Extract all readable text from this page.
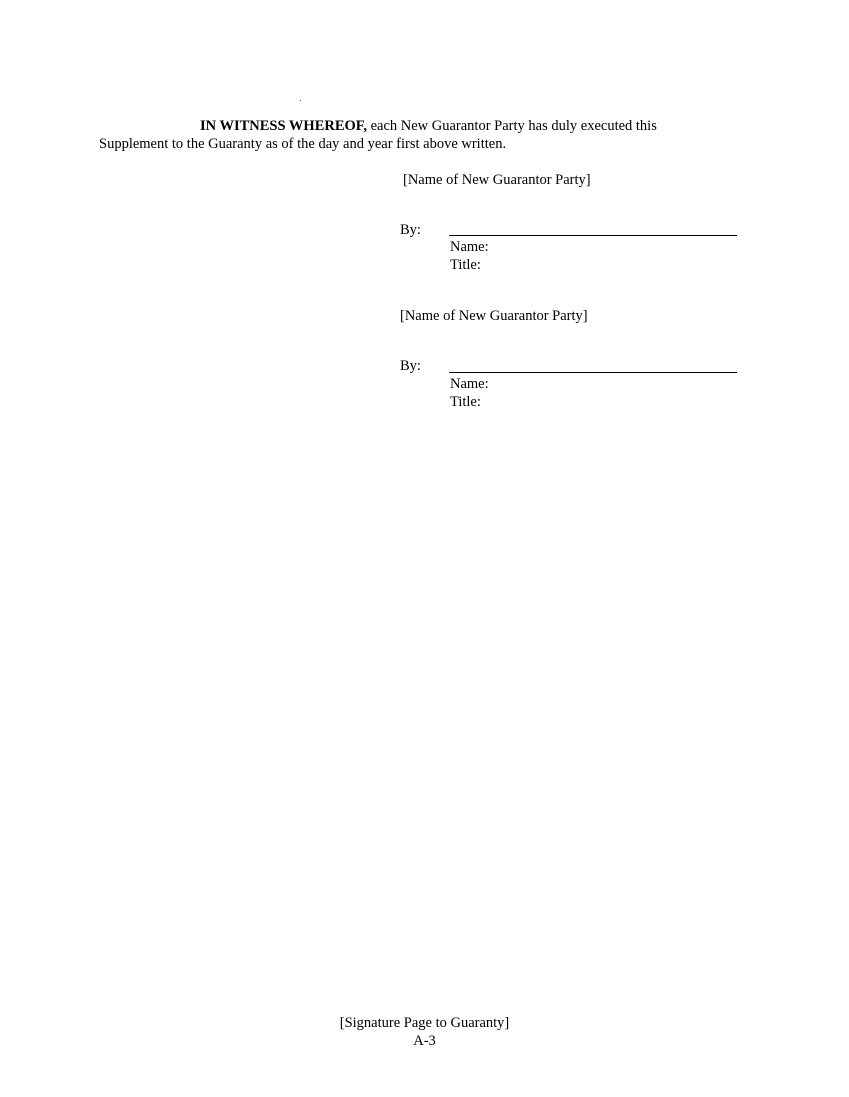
IN WITNESS WHEREOF, each New Guarantor Party has duly executed this
Supplement to the Guaranty as of the day and year first above written.
[Name of New Guarantor Party]
By:
Name:
Title:
[Name of New Guarantor Party]
By:
Name:
Title:
[Signature Page to Guaranty]
A-3
